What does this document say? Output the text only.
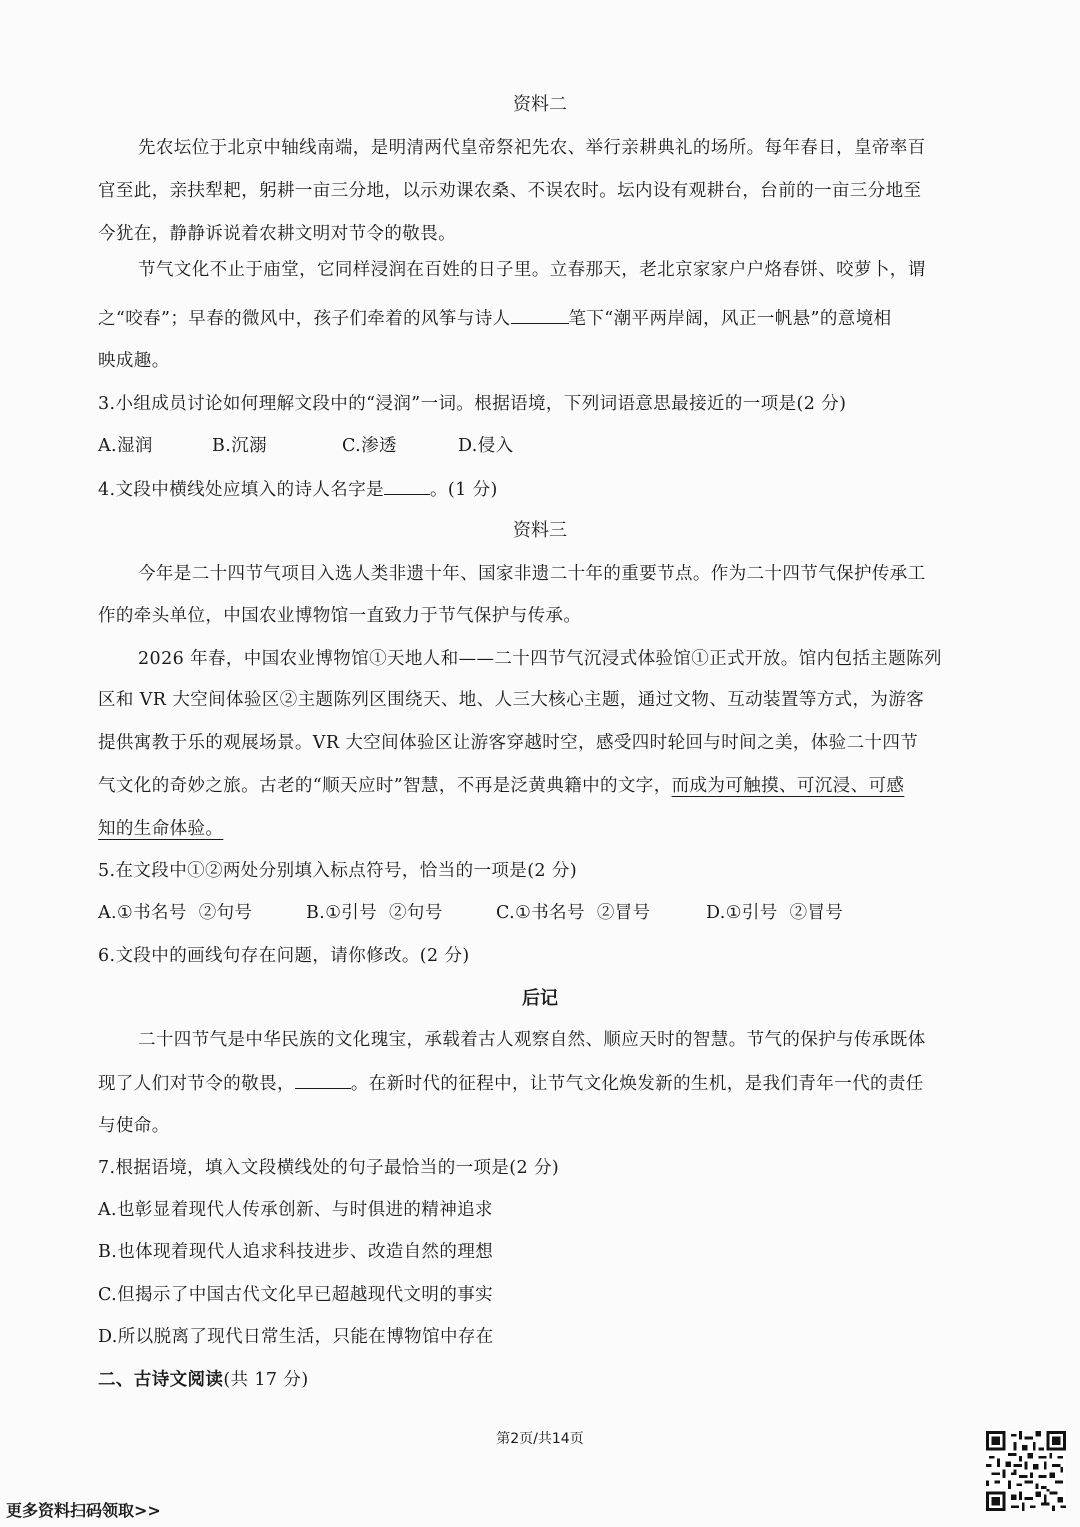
资料二
先农坛位于北京中轴线南端，是明清两代皇帝祭祀先农、举行亲耕典礼的场所。每年春日，皇帝率百
官至此，亲扶犁耙，躬耕一亩三分地，以示劝课农桑、不误农时。坛内设有观耕台，台前的一亩三分地至
今犹在，静静诉说着农耕文明对节令的敬畏。
节气文化不止于庙堂，它同样浸润在百姓的日子里。立春那天，老北京家家户户烙春饼、咬萝卜，谓
之“咬春”；早春的微风中，孩子们牵着的风筝与诗人	笔下“潮平两岸阔，风正一帆悬”的意境相
映成趣。
3.小组成员讨论如何理解文段中的“浸润”一词。根据语境，下列词语意思最接近的一项是(2 分)
A.湿润	B.沉溺	C.渗透	D.侵入
4.文段中横线处应填入的诗人名字是	。(1 分)
资料三
今年是二十四节气项目入选人类非遗十年、国家非遗二十年的重要节点。作为二十四节气保护传承工
作的牵头单位，中国农业博物馆一直致力于节气保护与传承。
2026 年春，中国农业博物馆①天地人和——二十四节气沉浸式体验馆①正式开放。馆内包括主题陈列
区和 VR 大空间体验区②主题陈列区围绕天、地、人三大核心主题，通过文物、互动装置等方式，为游客
提供寓教于乐的观展场景。VR 大空间体验区让游客穿越时空，感受四时轮回与时间之美，体验二十四节
气文化的奇妙之旅。古老的“顺天应时”智慧，不再是泛黄典籍中的文字，而成为可触摸、可沉浸、可感
知的生命体验。
5.在文段中①②两处分别填入标点符号，恰当的一项是(2 分)
A.①书名号  ②句号	B.①引号  ②句号	C.①书名号  ②冒号	D.①引号  ②冒号
6.文段中的画线句存在问题，请你修改。(2 分)
后记
二十四节气是中华民族的文化瑰宝，承载着古人观察自然、顺应天时的智慧。节气的保护与传承既体
现了人们对节令的敬畏，	。在新时代的征程中，让节气文化焕发新的生机，是我们青年一代的责任
与使命。
7.根据语境，填入文段横线处的句子最恰当的一项是(2 分)
A.也彰显着现代人传承创新、与时俱进的精神追求
B.也体现着现代人追求科技进步、改造自然的理想
C.但揭示了中国古代文化早已超越现代文明的事实
D.所以脱离了现代日常生活，只能在博物馆中存在
二、古诗文阅读(共 17 分)
第2页/共14页
更多资料扫码领取>>
